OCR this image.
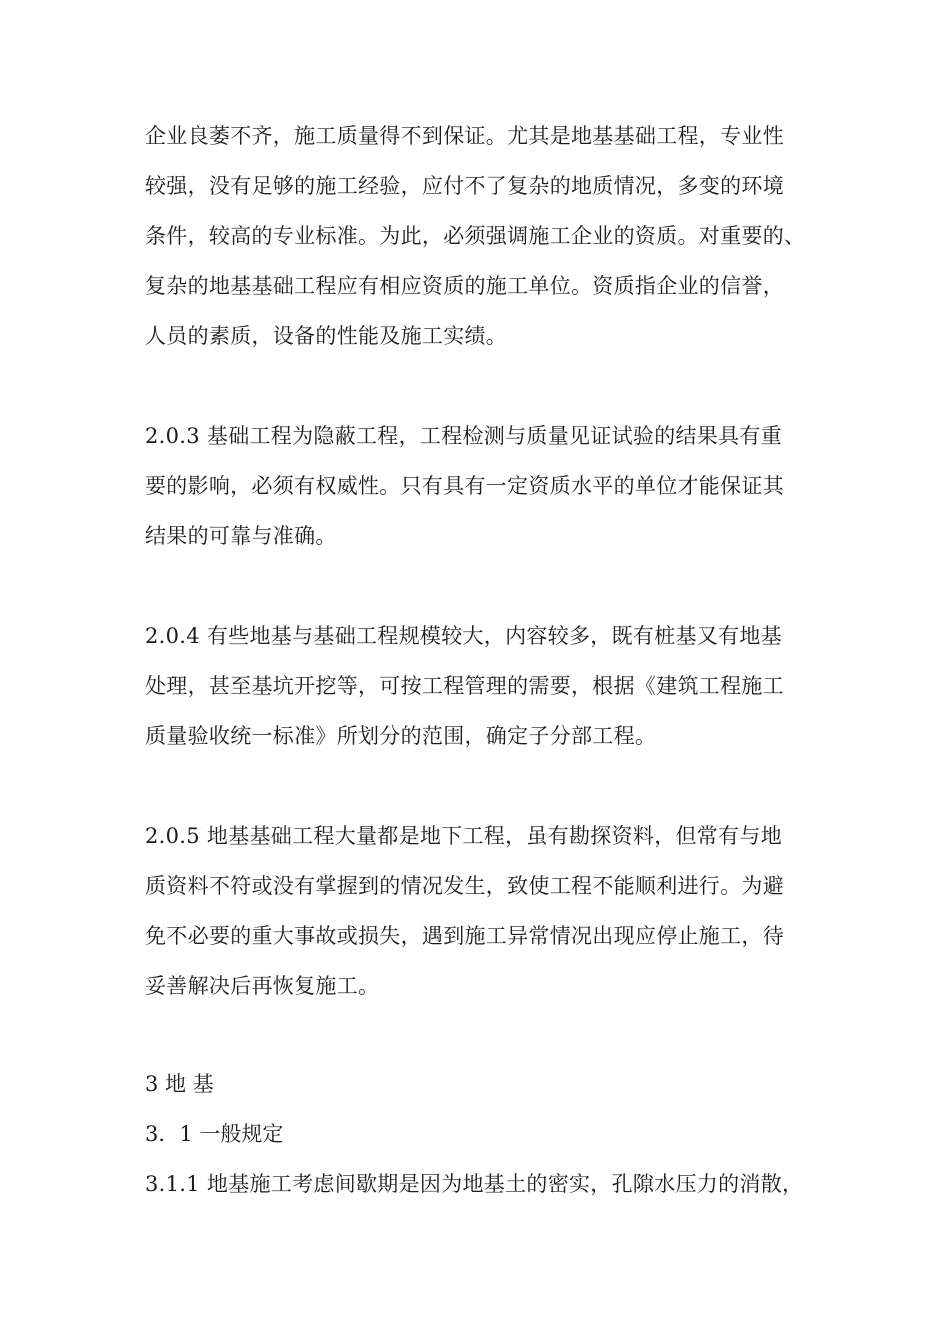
企业良萎不齐，施工质量得不到保证。尤其是地基基础工程，专业性
较强，没有足够的施工经验，应付不了复杂的地质情况，多变的环境
条件，较高的专业标准。为此，必须强调施工企业的资质。对重要的、
复杂的地基基础工程应有相应资质的施工单位。资质指企业的信誉，
人员的素质，设备的性能及施工实绩。
2.0.3 基础工程为隐蔽工程，工程检测与质量见证试验的结果具有重
要的影响，必须有权威性。只有具有一定资质水平的单位才能保证其
结果的可靠与准确。
2.0.4 有些地基与基础工程规模较大，内容较多，既有桩基又有地基
处理，甚至基坑开挖等，可按工程管理的需要，根据《建筑工程施工
质量验收统一标准》所划分的范围，确定子分部工程。
2.0.5 地基基础工程大量都是地下工程，虽有勘探资料，但常有与地
质资料不符或没有掌握到的情况发生，致使工程不能顺利进行。为避
免不必要的重大事故或损失，遇到施工异常情况出现应停止施工，待
妥善解决后再恢复施工。
3 地 基
3．1 一般规定
3.1.1 地基施工考虑间歇期是因为地基土的密实，孔隙水压力的消散，
